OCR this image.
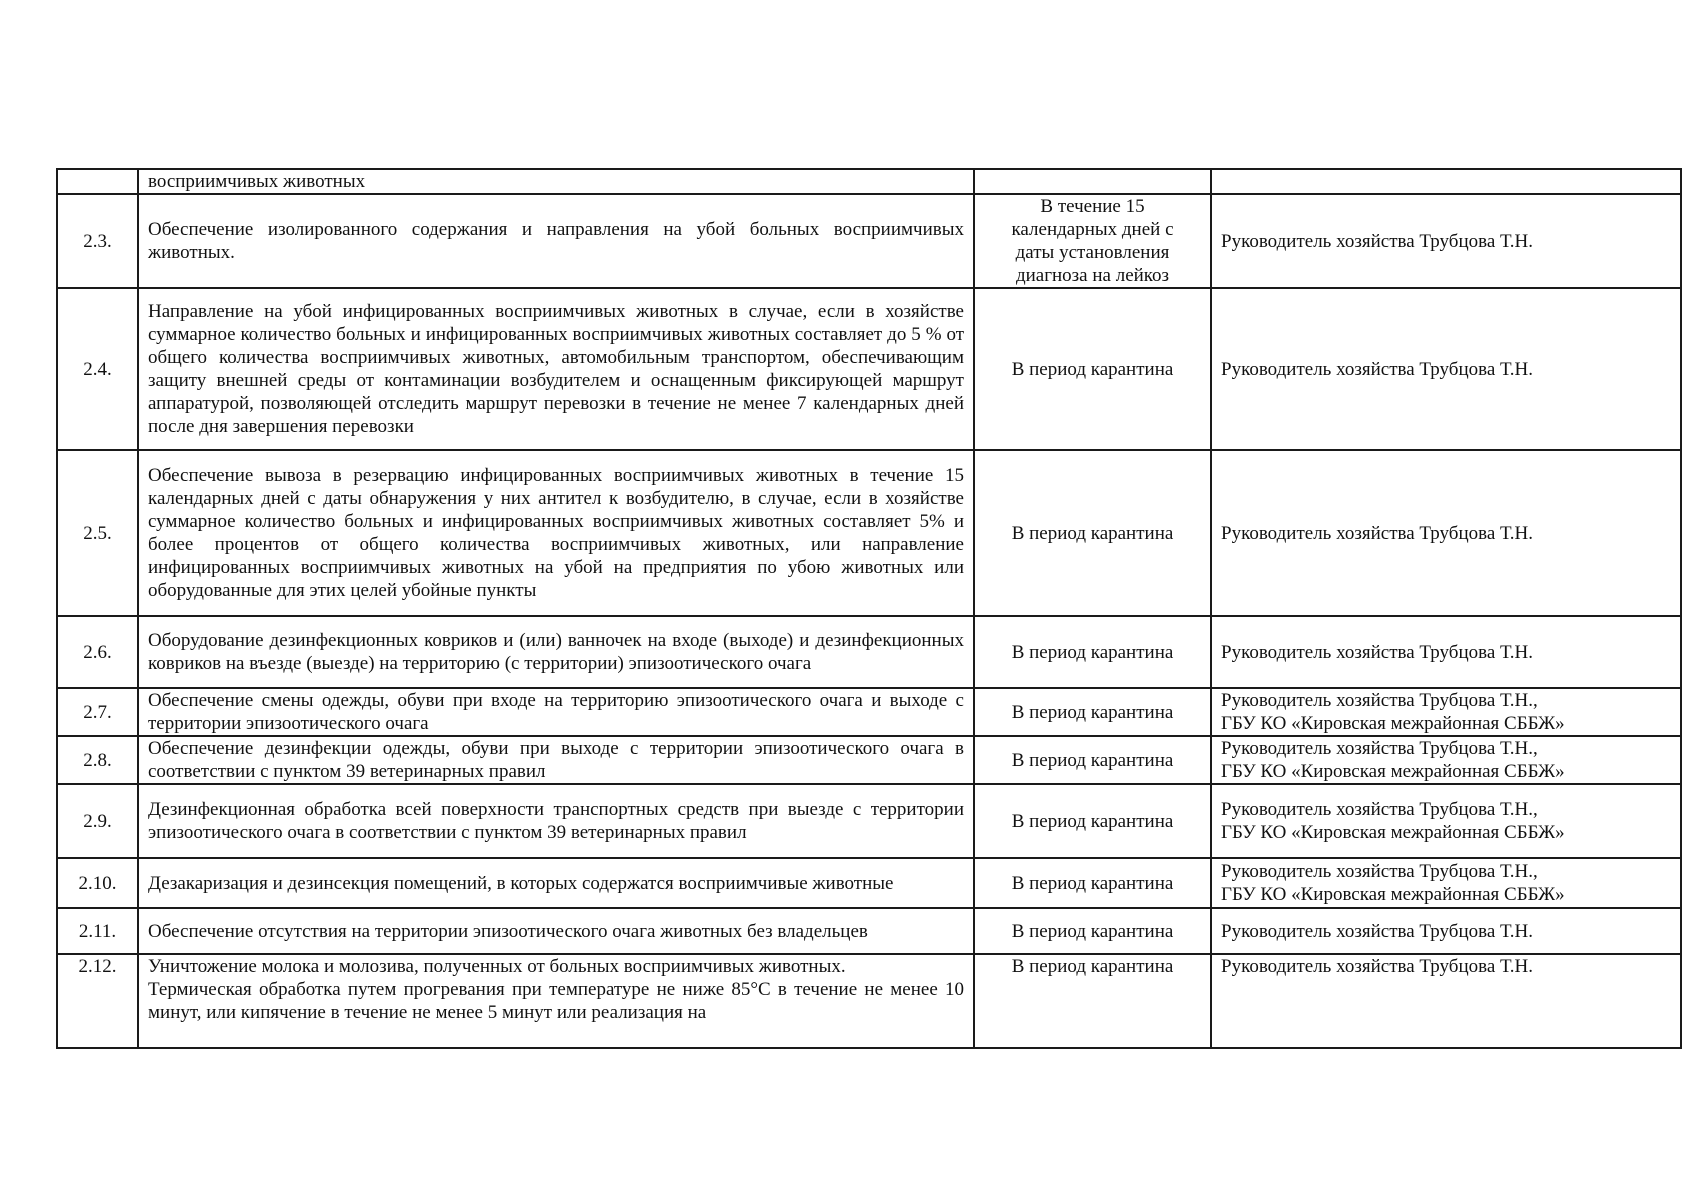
	восприимчивых животных		

2.3.	Обеспечение изолированного содержания и направления на убой больных восприимчивых животных.	В течение 15
календарных дней с
даты установления
диагноза на лейкоз	Руководитель хозяйства Трубцова Т.Н.

2.4.	Направление на убой инфицированных восприимчивых животных в случае, если в хозяйстве суммарное количество больных и инфицированных восприимчивых животных составляет до 5 % от общего количества восприимчивых животных, автомобильным транспортом, обеспечивающим защиту внешней среды от контаминации возбудителем и оснащенным фиксирующей маршрут аппаратурой, позволяющей отследить маршрут перевозки в течение не менее 7 календарных дней после дня завершения перевозки	В период карантина	Руководитель хозяйства Трубцова Т.Н.

2.5.	Обеспечение вывоза в резервацию инфицированных восприимчивых животных в течение 15 календарных дней с даты обнаружения у них антител к возбудителю, в случае, если в хозяйстве суммарное количество больных и инфицированных восприимчивых животных составляет 5% и более процентов от общего количества восприимчивых животных, или направление инфицированных восприимчивых животных на убой на предприятия по убою животных или оборудованные для этих целей убойные пункты	В период карантина	Руководитель хозяйства Трубцова Т.Н.

2.6.	Оборудование дезинфекционных ковриков и (или) ванночек на входе (выходе) и дезинфекционных ковриков на въезде (выезде) на территорию (с территории) эпизоотического очага	В период карантина	Руководитель хозяйства Трубцова Т.Н.

2.7.	Обеспечение смены одежды, обуви при входе на территорию эпизоотического очага и выходе с территории эпизоотического очага	В период карантина	Руководитель хозяйства Трубцова Т.Н.,
ГБУ КО «Кировская межрайонная СББЖ»

2.8.	Обеспечение дезинфекции одежды, обуви при выходе с территории эпизоотического очага в соответствии с пунктом 39 ветеринарных правил	В период карантина	Руководитель хозяйства Трубцова Т.Н.,
ГБУ КО «Кировская межрайонная СББЖ»

2.9.	Дезинфекционная обработка всей поверхности транспортных средств при выезде с территории эпизоотического очага в соответствии с пунктом 39 ветеринарных правил	В период карантина	Руководитель хозяйства Трубцова Т.Н.,
ГБУ КО «Кировская межрайонная СББЖ»

2.10.	Дезакаризация и дезинсекция помещений, в которых содержатся восприимчивые животные	В период карантина	Руководитель хозяйства Трубцова Т.Н.,
ГБУ КО «Кировская межрайонная СББЖ»

2.11.	Обеспечение отсутствия на территории эпизоотического очага животных без владельцев	В период карантина	Руководитель хозяйства Трубцова Т.Н.

2.12.	Уничтожение молока и молозива, полученных от больных восприимчивых животных.
Термическая обработка путем прогревания при температуре не ниже 85°С в течение не менее 10 минут, или кипячение в течение не менее 5 минут или реализация на	В период карантина	Руководитель хозяйства Трубцова Т.Н.
